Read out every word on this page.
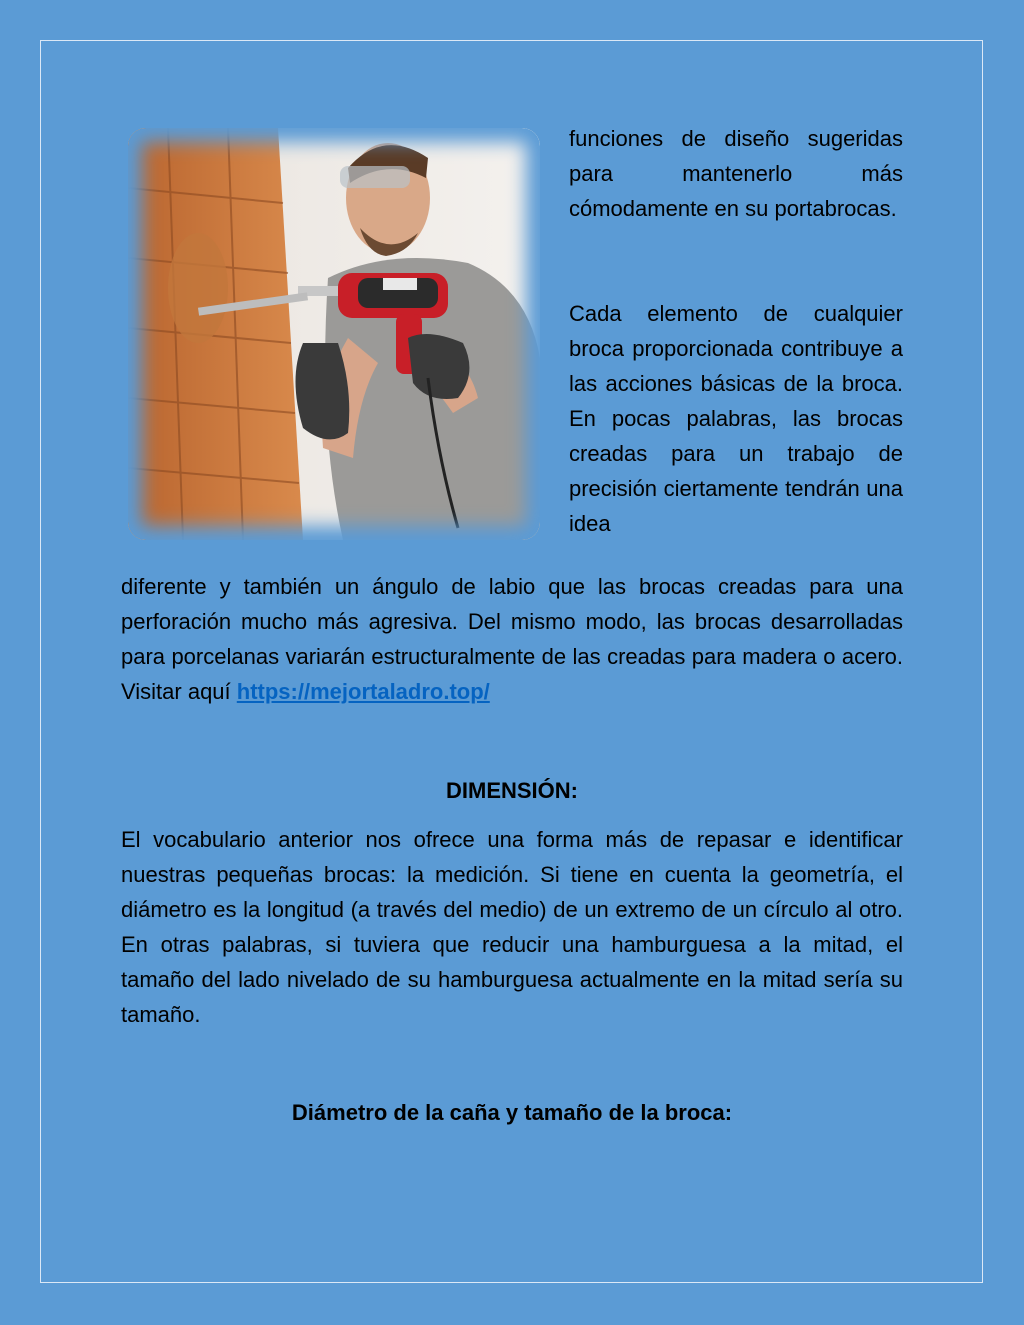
funciones de diseño sugeridas para mantenerlo más cómodamente en su portabrocas.

Cada elemento de cualquier broca proporcionada contribuye a las acciones básicas de la broca. En pocas palabras, las brocas creadas para un trabajo de precisión ciertamente tendrán una idea

diferente y también un ángulo de labio que las brocas creadas para una perforación mucho más agresiva. Del mismo modo, las brocas desarrolladas para porcelanas variarán estructuralmente de las creadas para madera o acero. Visitar aquí https://mejortaladro.top/

DIMENSIÓN:

El vocabulario anterior nos ofrece una forma más de repasar e identificar nuestras pequeñas brocas: la medición. Si tiene en cuenta la geometría, el diámetro es la longitud (a través del medio) de un extremo de un círculo al otro. En otras palabras, si tuviera que reducir una hamburguesa a la mitad, el tamaño del lado nivelado de su hamburguesa actualmente en la mitad sería su tamaño.

Diámetro de la caña y tamaño de la broca:
